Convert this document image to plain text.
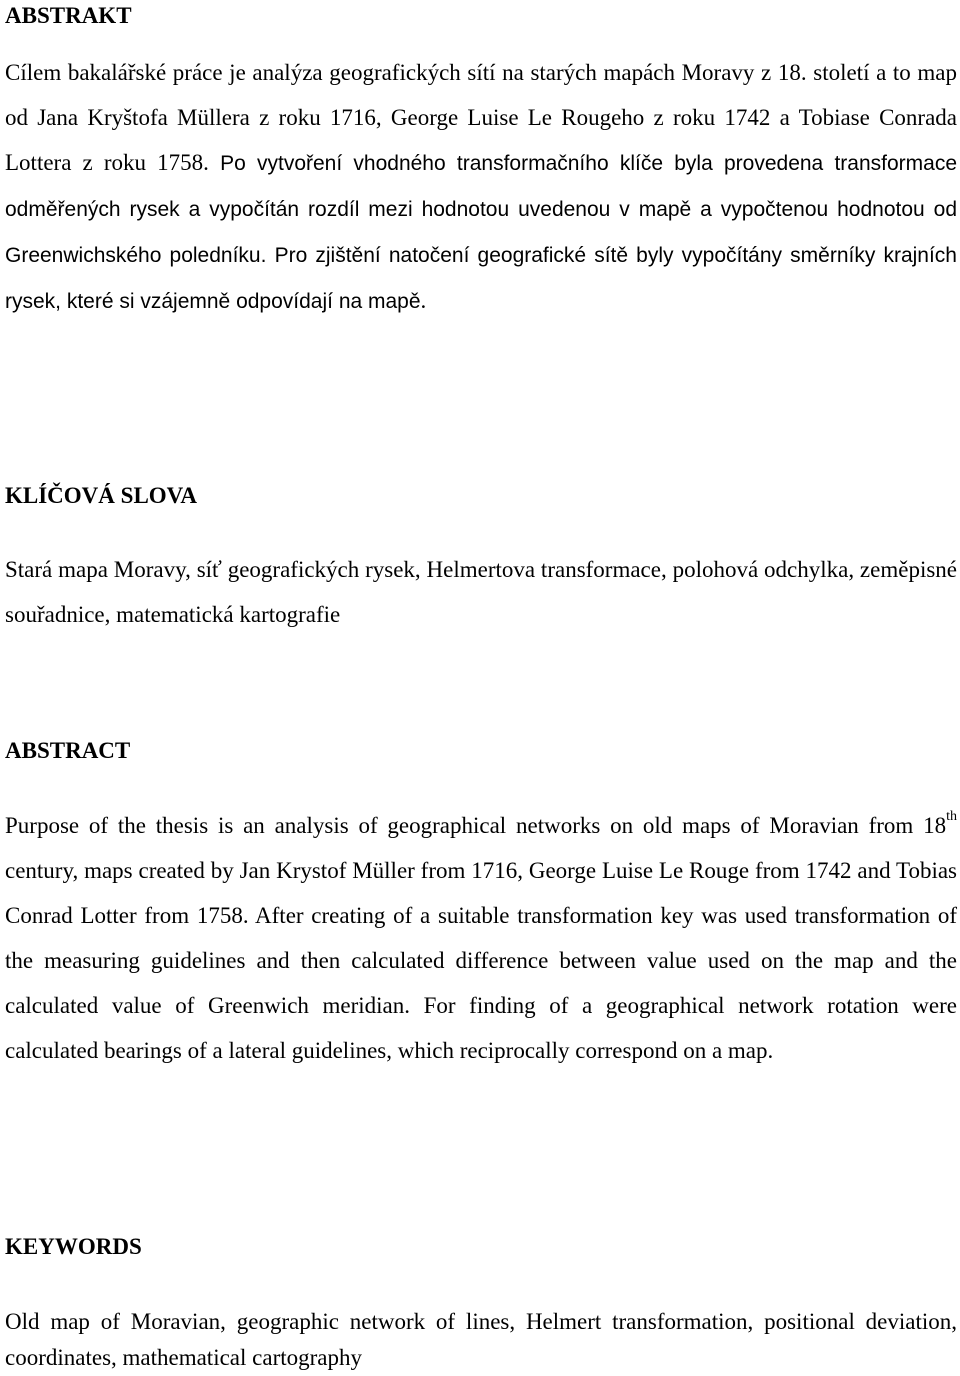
ABSTRAKT

Cílem bakalářské práce je analýza geografických sítí na starých mapách Moravy z 18. století a to map od Jana Kryštofa Müllera z roku 1716, George Luise Le Rougeho z roku 1742 a Tobiase Conrada Lottera z roku 1758. Po vytvoření vhodného transformačního klíče byla provedena transformace odměřených rysek a vypočítán rozdíl mezi hodnotou uvedenou v mapě a vypočtenou hodnotou od Greenwichského poledníku. Pro zjištění natočení geografické sítě byly vypočítány směrníky krajních rysek, které si vzájemně odpovídají na mapě.

KLÍČOVÁ SLOVA

Stará mapa Moravy, síť geografických rysek, Helmertova transformace, polohová odchylka, zeměpisné souřadnice, matematická kartografie

ABSTRACT

Purpose of the thesis is an analysis of geographical networks on old maps of Moravian from 18th century, maps created by Jan Krystof Müller from 1716, George Luise Le Rouge from 1742 and Tobias Conrad Lotter from 1758. After creating of a suitable transformation key was used transformation of the measuring guidelines and then calculated difference between value used on the map and the calculated value of Greenwich meridian. For finding of a geographical network rotation were calculated bearings of a lateral guidelines, which reciprocally correspond on a map.

KEYWORDS

Old map of Moravian, geographic network of lines, Helmert transformation, positional deviation, coordinates, mathematical cartography
